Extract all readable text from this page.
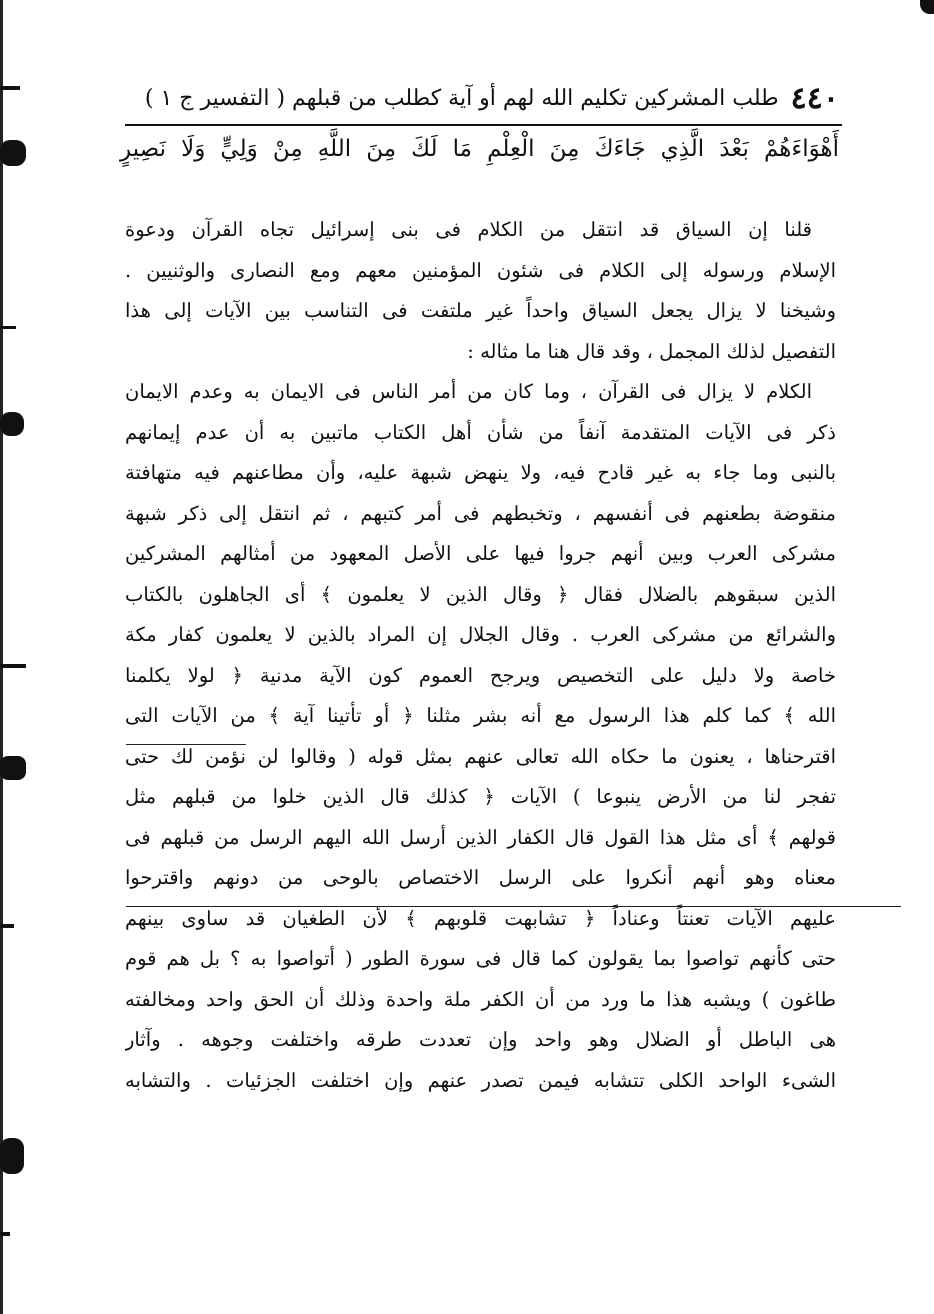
٤٤٠
طلب المشركين تكليم الله لهم أو آية كطلب من قبلهم ( التفسير ج ١ )
أَهْوَاءَهُمْ بَعْدَ الَّذِي جَاءَكَ مِنَ الْعِلْمِ مَا لَكَ مِنَ اللَّهِ مِنْ وَلِيٍّ وَلَا نَصِيرٍ
قلنا إن السياق قد انتقل من الكلام فى بنى إسرائيل تجاه القرآن ودعوة
الإسلام ورسوله إلى الكلام فى شئون المؤمنين معهم ومع النصارى والوثنيين .
وشيخنا لا يزال يجعل السياق واحداً غير ملتفت فى التناسب بين الآيات إلى هذا
التفصيل لذلك المجمل ، وقد قال هنا ما مثاله :
الكلام لا يزال فى القرآن ، وما كان من أمر الناس فى الايمان به وعدم الايمان
ذكر فى الآيات المتقدمة آنفاً من شأن أهل الكتاب ماتبين به أن عدم إيمانهم
بالنبى وما جاء به غير قادح فيه، ولا ينهض شبهة عليه، وأن مطاعنهم فيه متهافتة
منقوضة بطعنهم فى أنفسهم ، وتخبطهم فى أمر كتبهم ، ثم انتقل إلى ذكر شبهة
مشركى العرب وبين أنهم جروا فيها على الأصل المعهود من أمثالهم المشركين
الذين سبقوهم بالضلال فقال ﴿ وقال الذين لا يعلمون ﴾ أى الجاهلون بالكتاب
والشرائع من مشركى العرب . وقال الجلال إن المراد بالذين لا يعلمون كفار مكة
خاصة ولا دليل على التخصيص ويرجح العموم كون الآية مدنية ﴿ لولا يكلمنا
الله ﴾ كما كلم هذا الرسول مع أنه بشر مثلنا ﴿ أو تأتينا آية ﴾ من الآيات التى
اقترحناها ، يعنون ما حكاه الله تعالى عنهم بمثل قوله ( وقالوا لن نؤمن لك حتى
تفجر لنا من الأرض ينبوعا ) الآيات ﴿ كذلك قال الذين خلوا من قبلهم مثل
قولهم ﴾ أى مثل هذا القول قال الكفار الذين أرسل الله اليهم الرسل من قبلهم فى
معناه وهو أنهم أنكروا على الرسل الاختصاص بالوحى من دونهم واقترحوا
عليهم الآيات تعنتاً وعناداً ﴿ تشابهت قلوبهم ﴾ لأن الطغيان قد ساوى بينهم
حتى كأنهم تواصوا بما يقولون كما قال فى سورة الطور ( أتواصوا به ؟ بل هم قوم
طاغون ) ويشبه هذا ما ورد من أن الكفر ملة واحدة وذلك أن الحق واحد ومخالفته
هى الباطل أو الضلال وهو واحد وإن تعددت طرقه واختلفت وجوهه . وآثار
الشىء الواحد الكلى تتشابه فيمن تصدر عنهم وإن اختلفت الجزئيات . والتشابه
